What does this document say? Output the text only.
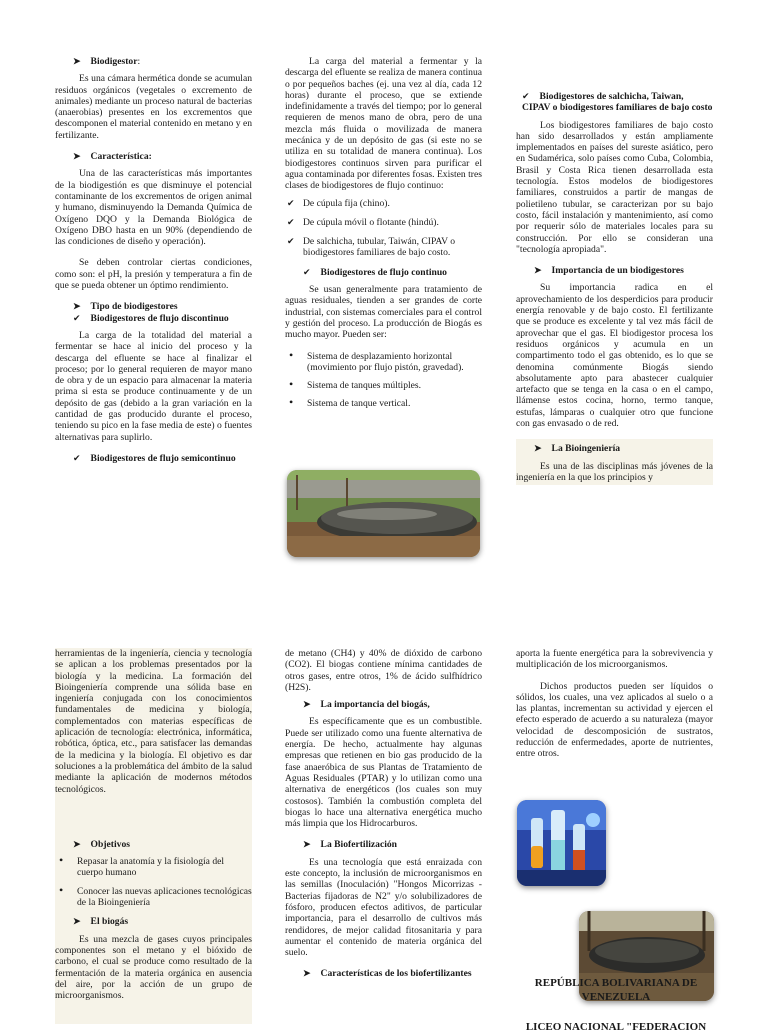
➤ Biodigestor:

Es una cámara hermética donde se acumulan residuos orgánicos (vegetales o excremento de animales) mediante un proceso natural de bacterias (anaerobias) presentes en los excrementos que descomponen el material contenido en metano y en fertilizante.

➤ Característica:

Una de las características más importantes de la biodigestión es que disminuye el potencial contaminante de los excrementos de origen animal y humano, disminuyendo la Demanda Química de Oxígeno DQO y la Demanda Biológica de Oxígeno DBO hasta en un 90% (dependiendo de las condiciones de diseño y operación).

Se deben controlar ciertas condiciones, como son: el pH, la presión y temperatura a fin de que se pueda obtener un óptimo rendimiento.

➤ Tipo de biodigestores
✔ Biodigestores de flujo discontinuo

La carga de la totalidad del material a fermentar se hace al inicio del proceso y la descarga del efluente se hace al finalizar el proceso; por lo general requieren de mayor mano de obra y de un espacio para almacenar la materia prima si esta se produce continuamente y de un depósito de gas (debido a la gran variación en la cantidad de gas producido durante el proceso, teniendo su pico en la fase media de este) o fuentes alternativas para suplirlo.

✔ Biodigestores de flujo semicontinuo

La carga del material a fermentar y la descarga del efluente se realiza de manera continua o por pequeños baches (ej. una vez al día, cada 12 horas) durante el proceso, que se extiende indefinidamente a través del tiempo; por lo general requieren de menos mano de obra, pero de una mezcla más fluida o movilizada de manera mecánica y de un depósito de gas (si este no se utiliza en su totalidad de manera continua). Los biodigestores continuos sirven para purificar el agua contaminada por diferentes fosas. Existen tres clases de biodigestores de flujo continuo:

✔ De cúpula fija (chino).
✔ De cúpula móvil o flotante (hindú).
✔ De salchicha, tubular, Taiwán, CIPAV o biodigestores familiares de bajo costo.
✔ Biodigestores de flujo continuo

Se usan generalmente para tratamiento de aguas residuales, tienden a ser grandes de corte industrial, con sistemas comerciales para el control y gestión del proceso. La producción de Biogás es mucho mayor. Pueden ser:

• Sistema de desplazamiento horizontal (movimiento por flujo pistón, gravedad).
• Sistema de tanques múltiples.
• Sistema de tanque vertical.
✔ Biodigestores de salchicha, Taiwan, CIPAV o biodigestores familiares de bajo costo

Los biodigestores familiares de bajo costo han sido desarrollados y están ampliamente implementados en países del sureste asiático, pero en Sudamérica, solo países como Cuba, Colombia, Brasil y Costa Rica tienen desarrollada esta tecnología. Estos modelos de biodigestores familiares, construidos a partir de mangas de polietileno tubular, se caracterizan por su bajo costo, fácil instalación y mantenimiento, así como por requerir sólo de materiales locales para su construcción. Por ello se consideran una "tecnología apropiada".

➤ Importancia de un biodigestores

Su importancia radica en el aprovechamiento de los desperdicios para producir energía renovable y de bajo costo. El fertilizante que se produce es excelente y tal vez más fácil de aprovechar que el gas. El biodigestor procesa los residuos orgánicos y acumula en un compartimento todo el gas obtenido, es lo que se denomina comúnmente Biogás siendo absolutamente apto para abastecer cualquier artefacto que se tenga en la casa o en el campo, llámense estos cocina, horno, termo tanque, estufas, lámparas o cualquier otro que funcione con gas envasado o de red.

➤ La Bioingeniería

Es una de las disciplinas más jóvenes de la ingeniería en la que los principios y

herramientas de la ingeniería, ciencia y tecnología se aplican a los problemas presentados por la biología y la medicina. La formación del Bioingeniería comprende una sólida base en ingeniería conjugada con los conocimientos fundamentales de medicina y biología, complementados con materias específicas de aplicación de tecnología: electrónica, informática, robótica, óptica, etc., para satisfacer las demandas de la medicina y la biología. El objetivo es dar soluciones a la problemática del ámbito de la salud mediante la aplicación de modernos métodos tecnológicos.

➤ Objetivos
• Repasar la anatomía y la fisiología del cuerpo humano
• Conocer las nuevas aplicaciones tecnológicas de la Bioingeniería
➤ El biogás

Es una mezcla de gases cuyos principales componentes son el metano y el bióxido de carbono, el cual se produce como resultado de la fermentación de la materia orgánica en ausencia del aire, por la acción de un grupo de microorganismos.

de metano (CH4) y 40% de dióxido de carbono (CO2). El biogas contiene mínima cantidades de otros gases, entre otros, 1% de ácido sulfhídrico (H2S).

➤ La importancia del biogás,

Es específicamente que es un combustible. Puede ser utilizado como una fuente alternativa de energía. De hecho, actualmente hay algunas empresas que retienen en bio gas producido de la fase anaeróbica de sus Plantas de Tratamiento de Aguas Residuales (PTAR) y lo utilizan como una alternativa de energéticos (los cuales son muy costosos). También la combustión completa del biogas lo hace una alternativa energética mucho más limpia que los Hidrocarburos.

➤ La Biofertilización

Es una tecnología que está enraizada con este concepto, la inclusión de microorganismos en las semillas (Inoculación) "Hongos Micorrizas - Bacterias fijadoras de N2" y/o solubilizadores de fósforo, producen efectos aditivos, de particular importancia, para el desarrollo de cultivos más rendidores, de mejor calidad fitosanitaria y para aumentar el contenido de materia orgánica del suelo.

➤ Características de los biofertilizantes

aporta la fuente energética para la sobrevivencia y multiplicación de los microorganismos.

Dichos productos pueden ser líquidos o sólidos, los cuales, una vez aplicados al suelo o a las plantas, incrementan su actividad y ejercen el efecto esperado de acuerdo a su naturaleza (mayor velocidad de descomposición de sustratos, reducción de enfermedades, aporte de nutrientes, entre otros.

REPÚBLICA BOLIVARIANA DE VENEZUELA
LICEO NACIONAL "FEDERACION
